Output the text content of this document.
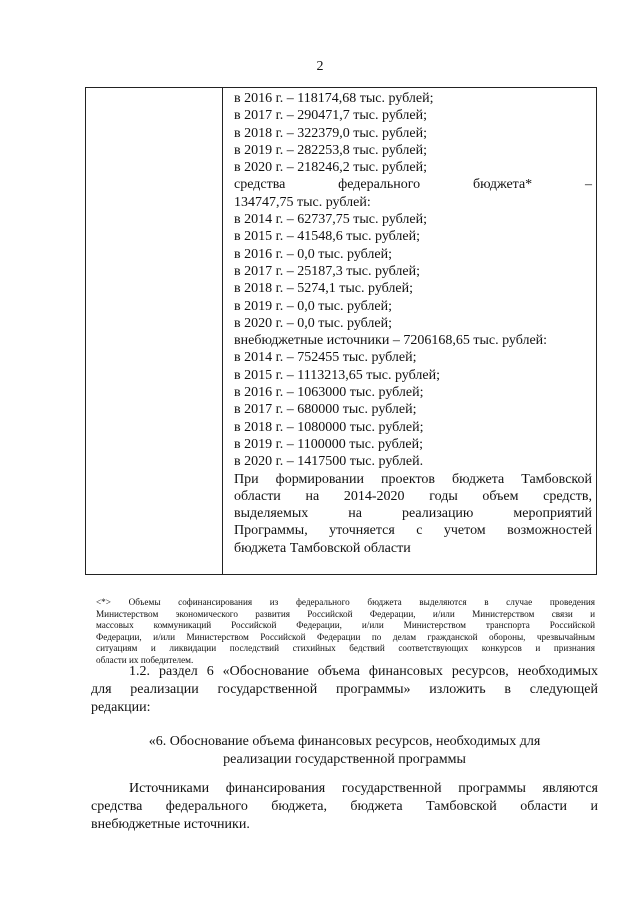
2
в 2016 г. – 118174,68 тыс. рублей;
в 2017 г. – 290471,7 тыс. рублей;
в 2018 г. – 322379,0 тыс. рублей;
в 2019 г. – 282253,8 тыс. рублей;
в 2020 г. – 218246,2 тыс. рублей;
средства федерального бюджета* –
134747,75 тыс. рублей:
в 2014 г. – 62737,75 тыс. рублей;
в 2015 г. – 41548,6 тыс. рублей;
в 2016 г. – 0,0 тыс. рублей;
в 2017 г. – 25187,3 тыс. рублей;
в 2018 г. – 5274,1 тыс. рублей;
в 2019 г. – 0,0 тыс. рублей;
в 2020 г. – 0,0 тыс. рублей;
внебюджетные источники – 7206168,65 тыс. рублей:
в 2014 г. – 752455 тыс. рублей;
в 2015 г. – 1113213,65 тыс. рублей;
в 2016 г. – 1063000 тыс. рублей;
в 2017 г. – 680000 тыс. рублей;
в 2018 г. – 1080000 тыс. рублей;
в 2019 г. – 1100000 тыс. рублей;
в 2020 г. – 1417500 тыс. рублей.
При формировании проектов бюджета Тамбовской
области на 2014-2020 годы объем средств,
выделяемых на реализацию мероприятий
Программы, уточняется с учетом возможностей
бюджета Тамбовской области
<*> Объемы софинансирования из федерального бюджета выделяются в случае проведения
Министерством экономического развития Российской Федерации, и/или Министерством связи и
массовых коммуникаций Российской Федерации, и/или Министерством транспорта Российской
Федерации, и/или Министерством Российской Федерации по делам гражданской обороны, чрезвычайным
ситуациям и ликвидации последствий стихийных бедствий соответствующих конкурсов и признания
области их победителем.
1.2. раздел 6 «Обоснование объема финансовых ресурсов, необходимых
для реализации государственной программы» изложить в следующей
редакции:
«6. Обоснование объема финансовых ресурсов, необходимых для
реализации государственной программы
Источниками финансирования государственной программы являются
средства федерального бюджета, бюджета Тамбовской области и
внебюджетные источники.
